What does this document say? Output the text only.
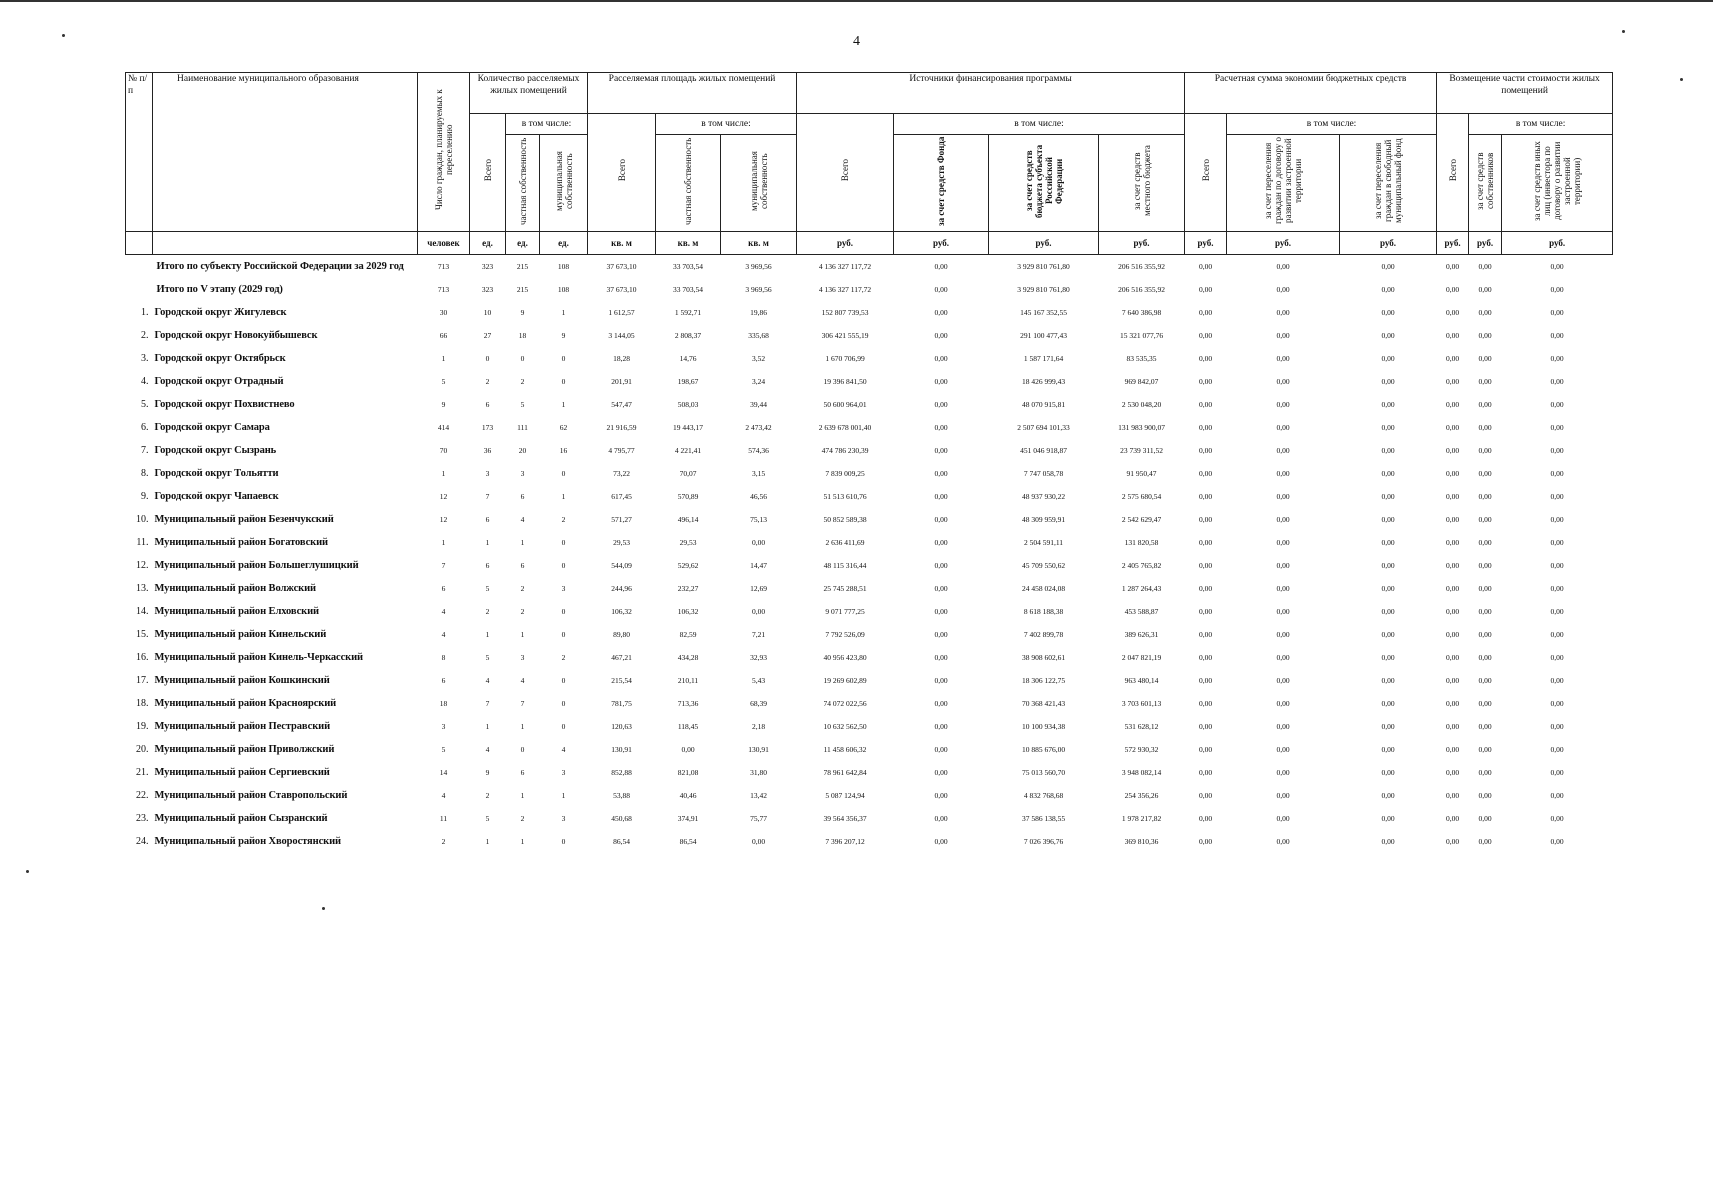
4
№ п/п	Наименование муниципального образования	Число граждан, планируемых к переселению	Количество расселяемых жилых помещений			Расселяемая площадь жилых помещений			Источники финансирования программы				Расчетная сумма экономии бюджетных средств			Возмещение части стоимости жилых помещений		
			Всего	в том числе:		Всего	в том числе:		Всего	в том числе:			Всего	в том числе:		Всего	в том числе:	
				частная собственность	муниципальная собственность		частная собственность	муниципальная собственность		за счет средств Фонда	за счет средств бюджета субъекта Российской Федерации	за счет средств местного бюджета		за счет переселения граждан по договору о развитии застроенной территории	за счет переселения граждан в свободный муниципальный фонд		за счет средств собственников	за счет средств иных лиц (инвестора по договору о развитии застроенной территории)
		человек	ед.	ед.	ед.	кв. м	кв. м	кв. м	руб.	руб.	руб.	руб.	руб.	руб.	руб.	руб.	руб.	руб.
	Итого по субъекту Российской Федерации за 2029 год	713	323	215	108	37 673,10	33 703,54	3 969,56	4 136 327 117,72	0,00	3 929 810 761,80	206 516 355,92	0,00	0,00	0,00	0,00	0,00	0,00
	Итого по V этапу (2029 год)	713	323	215	108	37 673,10	33 703,54	3 969,56	4 136 327 117,72	0,00	3 929 810 761,80	206 516 355,92	0,00	0,00	0,00	0,00	0,00	0,00
1.	Городской округ Жигулевск	30	10	9	1	1 612,57	1 592,71	19,86	152 807 739,53	0,00	145 167 352,55	7 640 386,98	0,00	0,00	0,00	0,00	0,00	0,00
2.	Городской округ Новокуйбышевск	66	27	18	9	3 144,05	2 808,37	335,68	306 421 555,19	0,00	291 100 477,43	15 321 077,76	0,00	0,00	0,00	0,00	0,00	0,00
3.	Городской округ Октябрьск	1	0	0	0	18,28	14,76	3,52	1 670 706,99	0,00	1 587 171,64	83 535,35	0,00	0,00	0,00	0,00	0,00	0,00
4.	Городской округ Отрадный	5	2	2	0	201,91	198,67	3,24	19 396 841,50	0,00	18 426 999,43	969 842,07	0,00	0,00	0,00	0,00	0,00	0,00
5.	Городской округ Похвистнево	9	6	5	1	547,47	508,03	39,44	50 600 964,01	0,00	48 070 915,81	2 530 048,20	0,00	0,00	0,00	0,00	0,00	0,00
6.	Городской округ Самара	414	173	111	62	21 916,59	19 443,17	2 473,42	2 639 678 001,40	0,00	2 507 694 101,33	131 983 900,07	0,00	0,00	0,00	0,00	0,00	0,00
7.	Городской округ Сызрань	70	36	20	16	4 795,77	4 221,41	574,36	474 786 230,39	0,00	451 046 918,87	23 739 311,52	0,00	0,00	0,00	0,00	0,00	0,00
8.	Городской округ Тольятти	1	3	3	0	73,22	70,07	3,15	7 839 009,25	0,00	7 747 058,78	91 950,47	0,00	0,00	0,00	0,00	0,00	0,00
9.	Городской округ Чапаевск	12	7	6	1	617,45	570,89	46,56	51 513 610,76	0,00	48 937 930,22	2 575 680,54	0,00	0,00	0,00	0,00	0,00	0,00
10.	Муниципальный район Безенчукский	12	6	4	2	571,27	496,14	75,13	50 852 589,38	0,00	48 309 959,91	2 542 629,47	0,00	0,00	0,00	0,00	0,00	0,00
11.	Муниципальный район Богатовский	1	1	1	0	29,53	29,53	0,00	2 636 411,69	0,00	2 504 591,11	131 820,58	0,00	0,00	0,00	0,00	0,00	0,00
12.	Муниципальный район Большеглушицкий	7	6	6	0	544,09	529,62	14,47	48 115 316,44	0,00	45 709 550,62	2 405 765,82	0,00	0,00	0,00	0,00	0,00	0,00
13.	Муниципальный район Волжский	6	5	2	3	244,96	232,27	12,69	25 745 288,51	0,00	24 458 024,08	1 287 264,43	0,00	0,00	0,00	0,00	0,00	0,00
14.	Муниципальный район Елховский	4	2	2	0	106,32	106,32	0,00	9 071 777,25	0,00	8 618 188,38	453 588,87	0,00	0,00	0,00	0,00	0,00	0,00
15.	Муниципальный район Кинельский	4	1	1	0	89,80	82,59	7,21	7 792 526,09	0,00	7 402 899,78	389 626,31	0,00	0,00	0,00	0,00	0,00	0,00
16.	Муниципальный район Кинель-Черкасский	8	5	3	2	467,21	434,28	32,93	40 956 423,80	0,00	38 908 602,61	2 047 821,19	0,00	0,00	0,00	0,00	0,00	0,00
17.	Муниципальный район Кошкинский	6	4	4	0	215,54	210,11	5,43	19 269 602,89	0,00	18 306 122,75	963 480,14	0,00	0,00	0,00	0,00	0,00	0,00
18.	Муниципальный район Красноярский	18	7	7	0	781,75	713,36	68,39	74 072 022,56	0,00	70 368 421,43	3 703 601,13	0,00	0,00	0,00	0,00	0,00	0,00
19.	Муниципальный район Пестравский	3	1	1	0	120,63	118,45	2,18	10 632 562,50	0,00	10 100 934,38	531 628,12	0,00	0,00	0,00	0,00	0,00	0,00
20.	Муниципальный район Приволжский	5	4	0	4	130,91	0,00	130,91	11 458 606,32	0,00	10 885 676,00	572 930,32	0,00	0,00	0,00	0,00	0,00	0,00
21.	Муниципальный район Сергиевский	14	9	6	3	852,88	821,08	31,80	78 961 642,84	0,00	75 013 560,70	3 948 082,14	0,00	0,00	0,00	0,00	0,00	0,00
22.	Муниципальный район Ставропольский	4	2	1	1	53,88	40,46	13,42	5 087 124,94	0,00	4 832 768,68	254 356,26	0,00	0,00	0,00	0,00	0,00	0,00
23.	Муниципальный район Сызранский	11	5	2	3	450,68	374,91	75,77	39 564 356,37	0,00	37 586 138,55	1 978 217,82	0,00	0,00	0,00	0,00	0,00	0,00
24.	Муниципальный район Хворостянский	2	1	1	0	86,54	86,54	0,00	7 396 207,12	0,00	7 026 396,76	369 810,36	0,00	0,00	0,00	0,00	0,00	0,00
